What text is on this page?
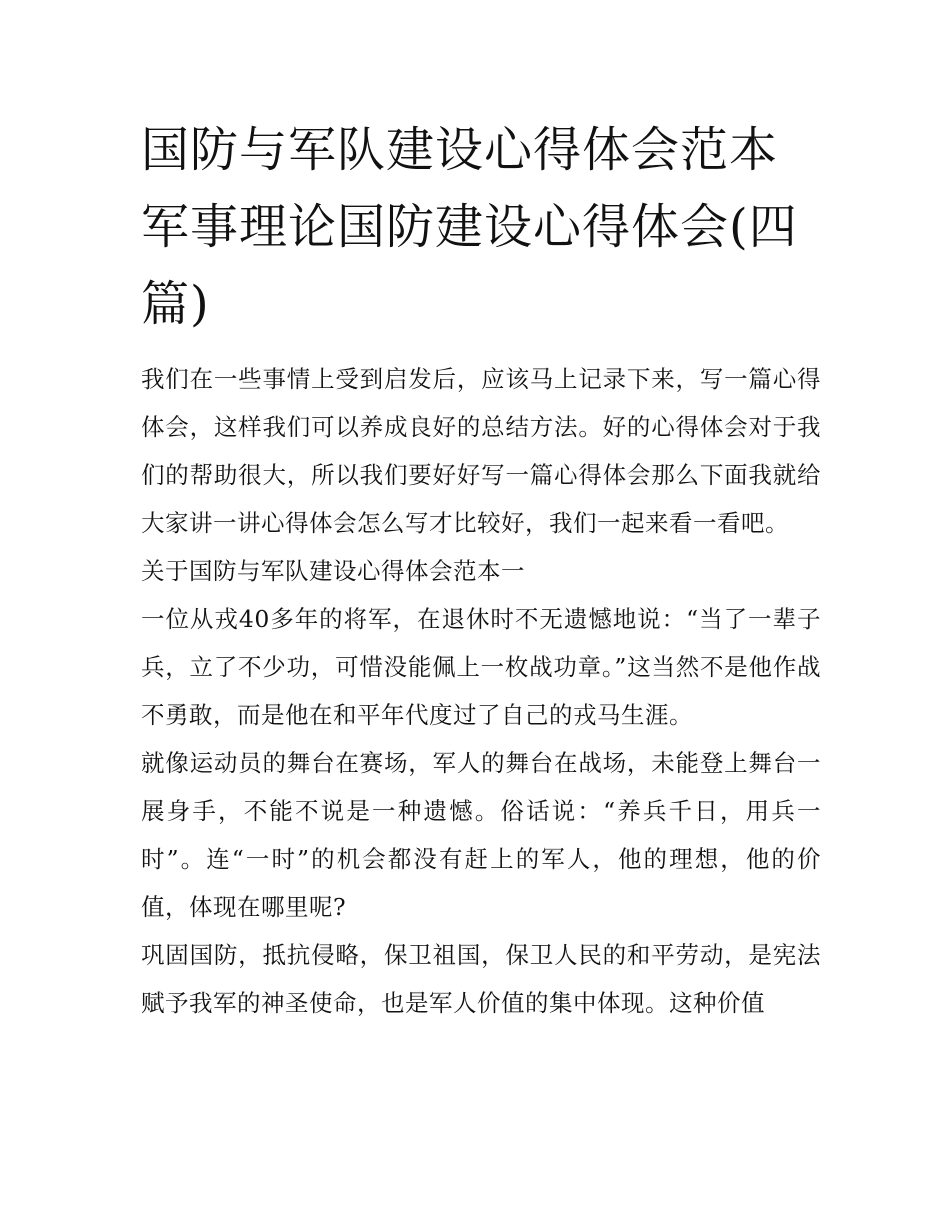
国防与军队建设心得体会范本军事理论国防建设心得体会(四篇)

我们在一些事情上受到启发后，应该马上记录下来，写一篇心得体会，这样我们可以养成良好的总结方法。好的心得体会对于我们的帮助很大，所以我们要好好写一篇心得体会那么下面我就给大家讲一讲心得体会怎么写才比较好，我们一起来看一看吧。

关于国防与军队建设心得体会范本一

一位从戎40多年的将军，在退休时不无遗憾地说：“当了一辈子兵，立了不少功，可惜没能佩上一枚战功章。”这当然不是他作战不勇敢，而是他在和平年代度过了自己的戎马生涯。

就像运动员的舞台在赛场，军人的舞台在战场，未能登上舞台一展身手，不能不说是一种遗憾。俗话说：“养兵千日，用兵一时”。连“一时”的机会都没有赶上的军人，他的理想，他的价值，体现在哪里呢?

巩固国防，抵抗侵略，保卫祖国，保卫人民的和平劳动，是宪法赋予我军的神圣使命，也是军人价值的集中体现。这种价值
